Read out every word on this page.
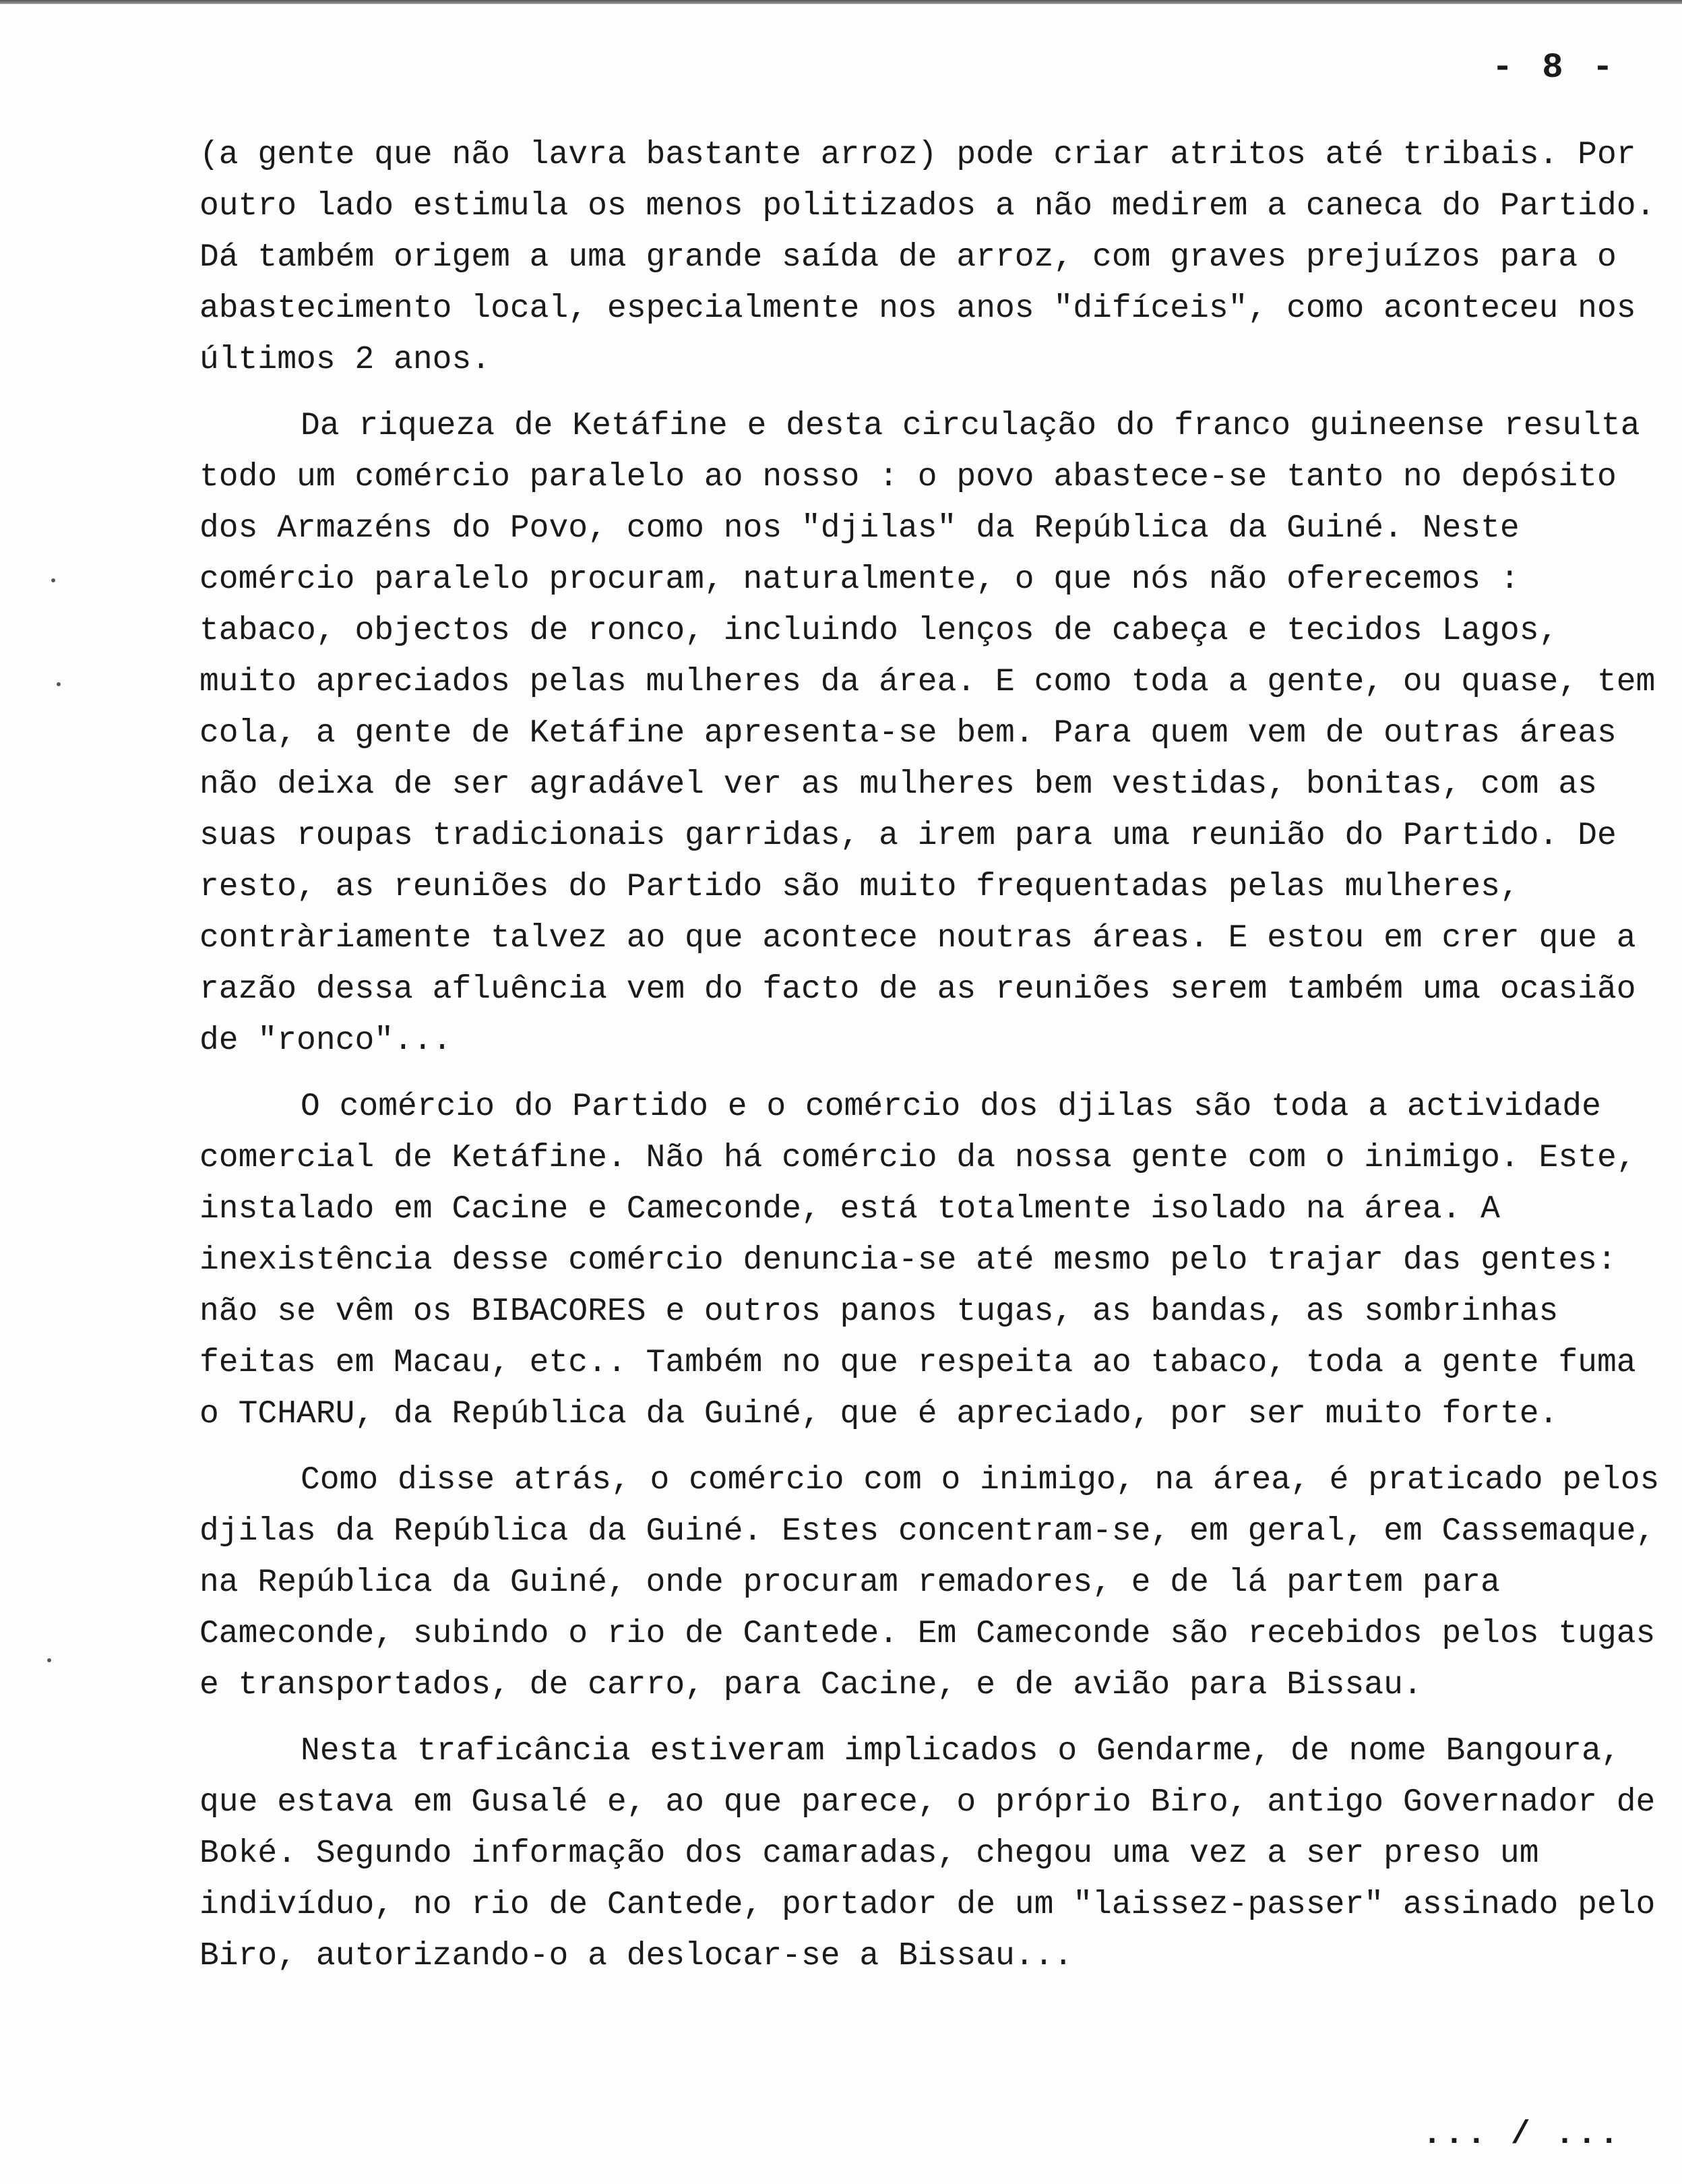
- 8 -

(a gente que não lavra bastante arroz) pode criar atritos até tribais. Por outro lado estimula os menos politizados a não medirem a caneca do Partido. Dá também origem a uma grande saída de arroz, com graves prejuízos para o abastecimento local, especialmente nos anos "difíceis", como aconteceu nos últimos 2 anos.

Da riqueza de Ketáfine e desta circulação do franco guineense resulta todo um comércio paralelo ao nosso : o povo abastece-se tanto no depósito dos Armazéns do Povo, como nos "djilas" da República da Guiné. Neste comércio paralelo procuram, naturalmente, o que nós não oferecemos : tabaco, objectos de ronco, incluindo lenços de cabeça e tecidos Lagos, muito apreciados pelas mulheres da área. E como toda a gente, ou quase, tem cola, a gente de Ketáfine apresenta-se bem. Para quem vem de outras áreas não deixa de ser agradável ver as mulheres bem vestidas, bonitas, com as suas roupas tradicionais garridas, a irem para uma reunião do Partido. De resto, as reuniões do Partido são muito frequentadas pelas mulheres, contràriamente talvez ao que acontece noutras áreas. E estou em crer que a razão dessa afluência vem do facto de as reuniões serem também uma ocasião de "ronco"...

O comércio do Partido e o comércio dos djilas são toda a actividade comercial de Ketáfine. Não há comércio da nossa gente com o inimigo. Este, instalado em Cacine e Cameconde, está totalmente isolado na área. A inexistência desse comércio denuncia-se até mesmo pelo trajar das gentes: não se vêm os BIBACORES e outros panos tugas, as bandas, as sombrinhas feitas em Macau, etc.. Também no que respeita ao tabaco, toda a gente fuma o TCHARU, da República da Guiné, que é apreciado, por ser muito forte.

Como disse atrás, o comércio com o inimigo, na área, é praticado pelos djilas da República da Guiné. Estes concentram-se, em geral, em Cassemaque, na República da Guiné, onde procuram remadores, e de lá partem para Cameconde, subindo o rio de Cantede. Em Cameconde são recebidos pelos tugas e transportados, de carro, para Cacine, e de avião para Bissau.

Nesta traficância estiveram implicados o Gendarme, de nome Bangoura, que estava em Gusalé e, ao que parece, o próprio Biro, antigo Governador de Boké. Segundo informação dos camaradas, chegou uma vez a ser preso um indivíduo, no rio de Cantede, portador de um "laissez-passer" assinado pelo Biro, autorizando-o a deslocar-se a Bissau...

... / ...
